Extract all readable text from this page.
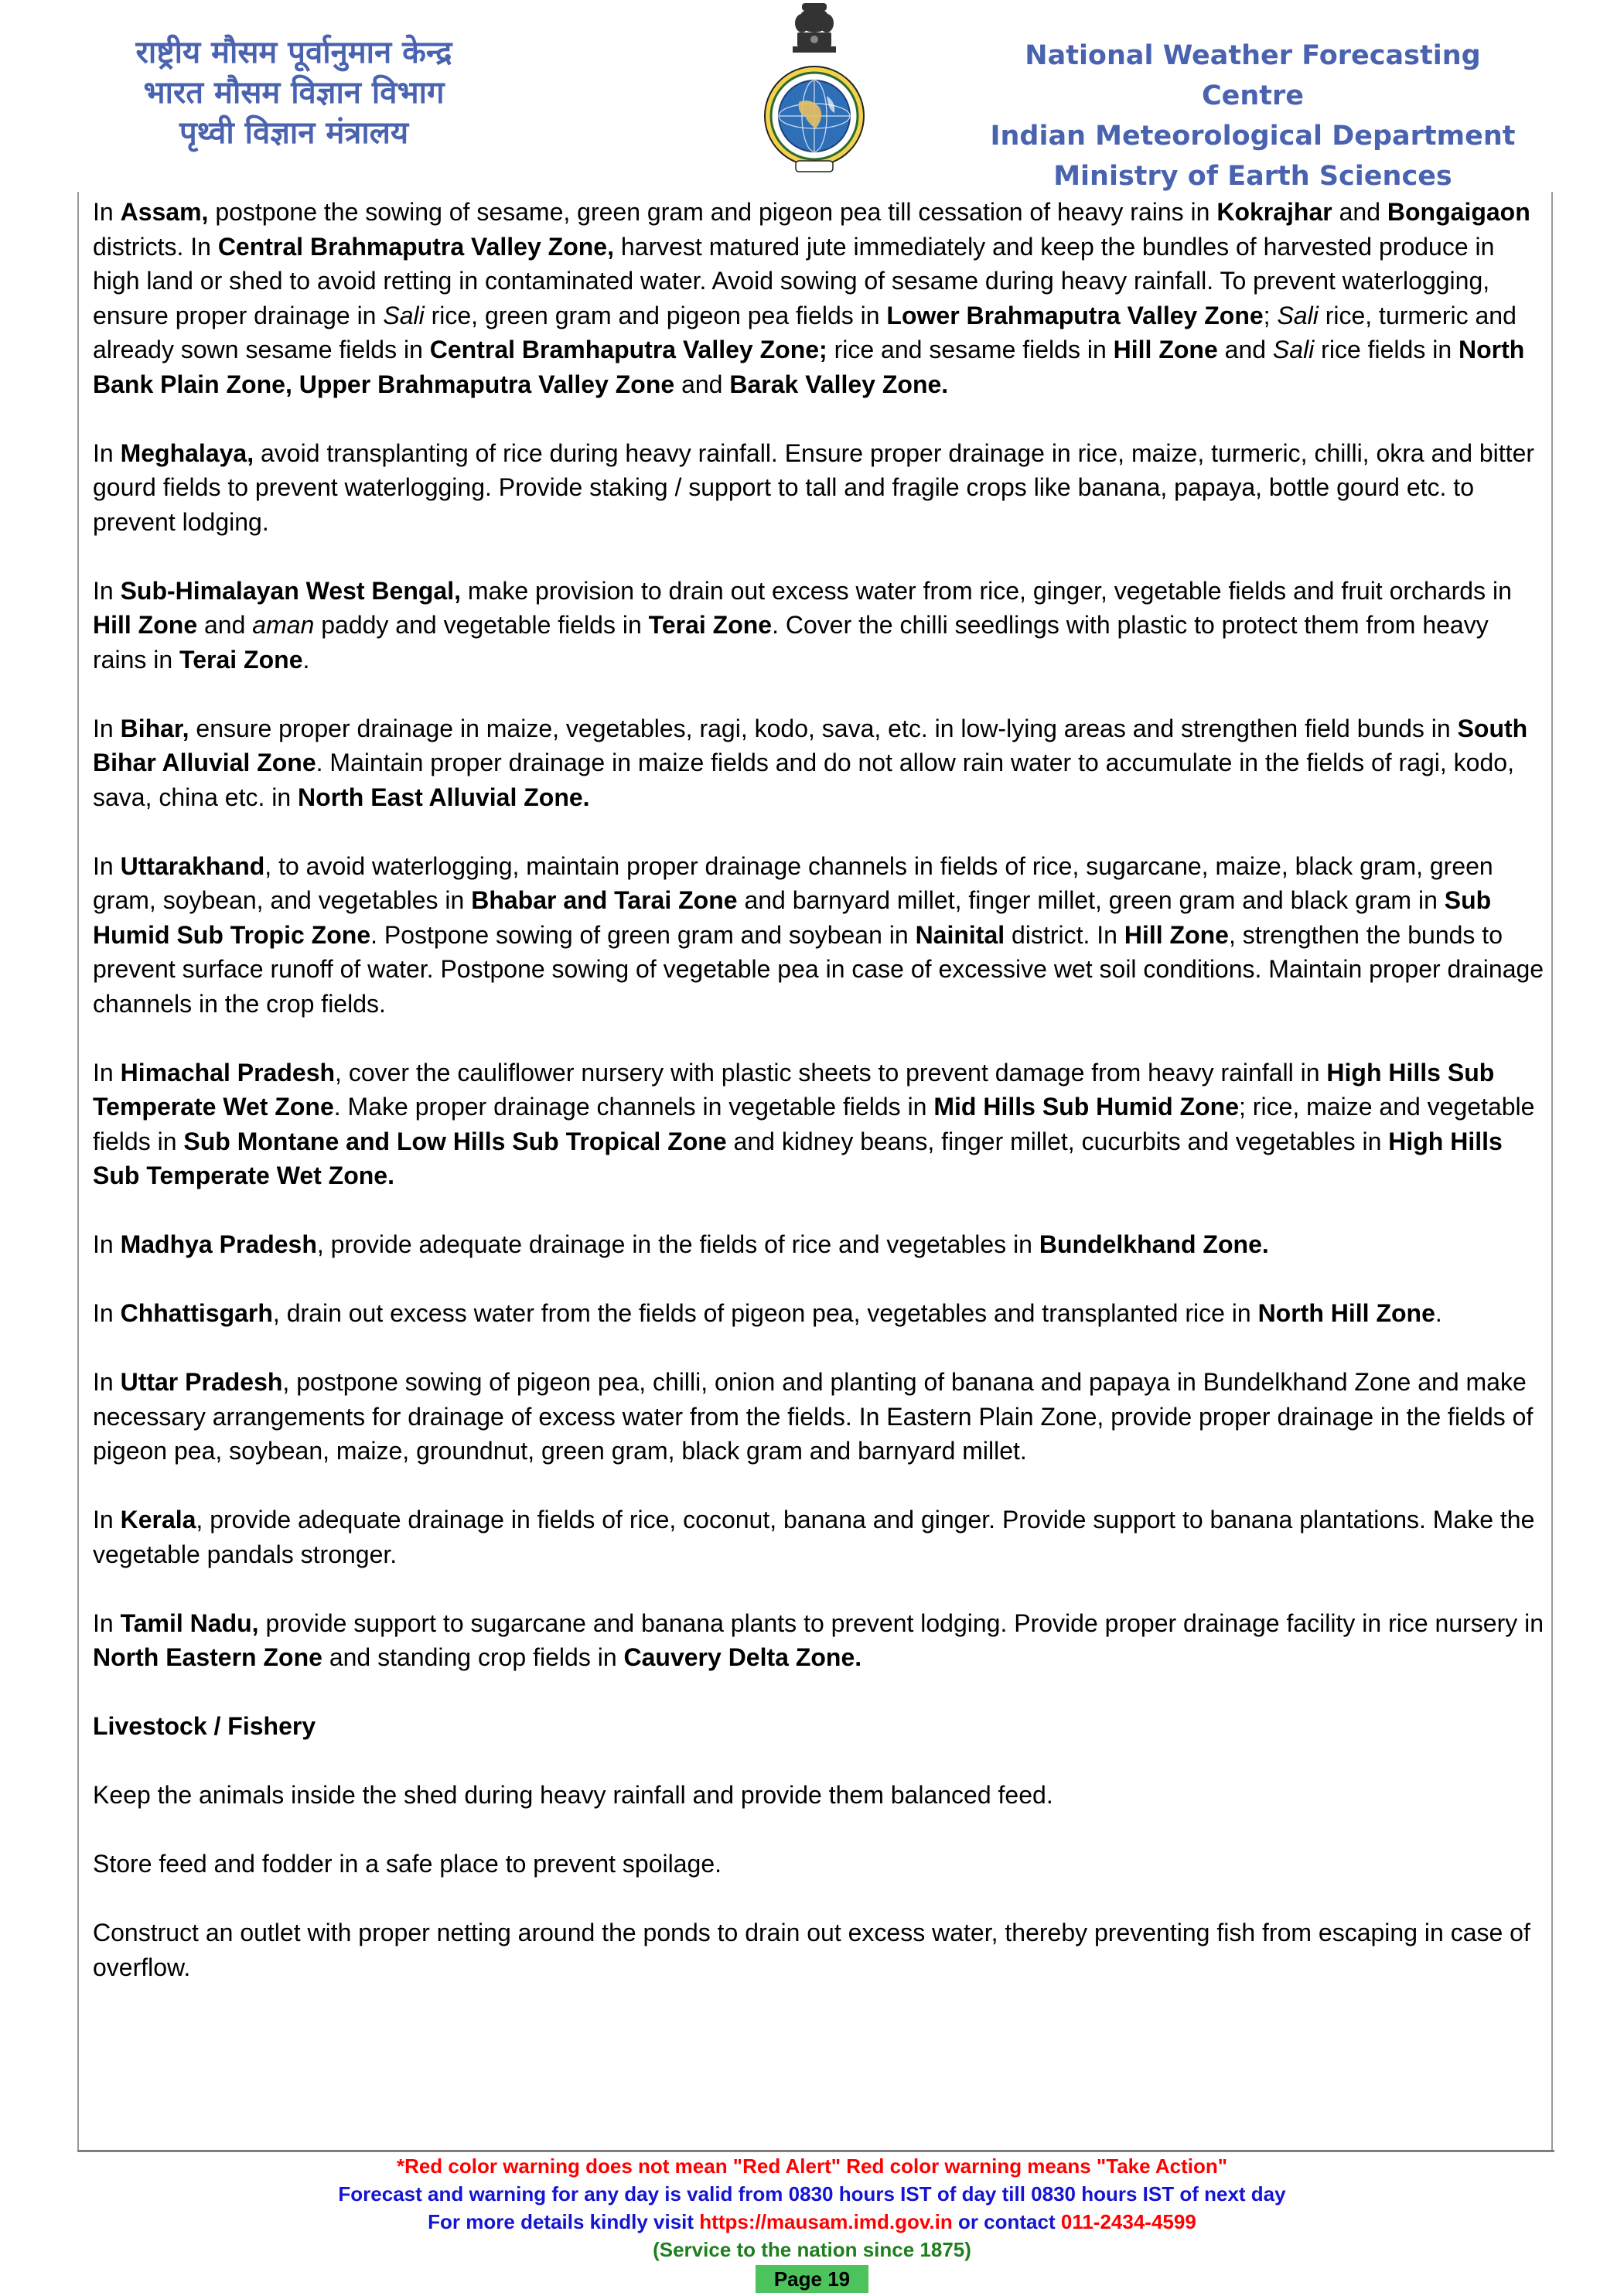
राष्ट्रीय मौसम पूर्वानुमान केन्द्र
भारत मौसम विज्ञान विभाग
पृथ्वी विज्ञान मंत्रालय
National Weather Forecasting Centre
Indian Meteorological Department
Ministry of Earth Sciences

In Assam, postpone the sowing of sesame, green gram and pigeon pea till cessation of heavy rains in Kokrajhar and Bongaigaon districts. In Central Brahmaputra Valley Zone, harvest matured jute immediately and keep the bundles of harvested produce in high land or shed to avoid retting in contaminated water. Avoid sowing of sesame during heavy rainfall. To prevent waterlogging, ensure proper drainage in Sali rice, green gram and pigeon pea fields in Lower Brahmaputra Valley Zone; Sali rice, turmeric and already sown sesame fields in Central Bramhaputra Valley Zone; rice and sesame fields in Hill Zone and Sali rice fields in North Bank Plain Zone, Upper Brahmaputra Valley Zone and Barak Valley Zone.

In Meghalaya, avoid transplanting of rice during heavy rainfall. Ensure proper drainage in rice, maize, turmeric, chilli, okra and bitter gourd fields to prevent waterlogging. Provide staking / support to tall and fragile crops like banana, papaya, bottle gourd etc. to prevent lodging.

In Sub-Himalayan West Bengal, make provision to drain out excess water from rice, ginger, vegetable fields and fruit orchards in Hill Zone and aman paddy and vegetable fields in Terai Zone. Cover the chilli seedlings with plastic to protect them from heavy rains in Terai Zone.

In Bihar, ensure proper drainage in maize, vegetables, ragi, kodo, sava, etc. in low-lying areas and strengthen field bunds in South Bihar Alluvial Zone. Maintain proper drainage in maize fields and do not allow rain water to accumulate in the fields of ragi, kodo, sava, china etc. in North East Alluvial Zone.

In Uttarakhand, to avoid waterlogging, maintain proper drainage channels in fields of rice, sugarcane, maize, black gram, green gram, soybean, and vegetables in Bhabar and Tarai Zone and barnyard millet, finger millet, green gram and black gram in Sub Humid Sub Tropic Zone. Postpone sowing of green gram and soybean in Nainital district. In Hill Zone, strengthen the bunds to prevent surface runoff of water. Postpone sowing of vegetable pea in case of excessive wet soil conditions. Maintain proper drainage channels in the crop fields.

In Himachal Pradesh, cover the cauliflower nursery with plastic sheets to prevent damage from heavy rainfall in High Hills Sub Temperate Wet Zone. Make proper drainage channels in vegetable fields in Mid Hills Sub Humid Zone; rice, maize and vegetable fields in Sub Montane and Low Hills Sub Tropical Zone and kidney beans, finger millet, cucurbits and vegetables in High Hills Sub Temperate Wet Zone.

In Madhya Pradesh, provide adequate drainage in the fields of rice and vegetables in Bundelkhand Zone.

In Chhattisgarh, drain out excess water from the fields of pigeon pea, vegetables and transplanted rice in North Hill Zone.

In Uttar Pradesh, postpone sowing of pigeon pea, chilli, onion and planting of banana and papaya in Bundelkhand Zone and make necessary arrangements for drainage of excess water from the fields. In Eastern Plain Zone, provide proper drainage in the fields of pigeon pea, soybean, maize, groundnut, green gram, black gram and barnyard millet.

In Kerala, provide adequate drainage in fields of rice, coconut, banana and ginger. Provide support to banana plantations. Make the vegetable pandals stronger.

In Tamil Nadu, provide support to sugarcane and banana plants to prevent lodging. Provide proper drainage facility in rice nursery in North Eastern Zone and standing crop fields in Cauvery Delta Zone.

Livestock / Fishery

Keep the animals inside the shed during heavy rainfall and provide them balanced feed.

Store feed and fodder in a safe place to prevent spoilage.

Construct an outlet with proper netting around the ponds to drain out excess water, thereby preventing fish from escaping in case of overflow.

*Red color warning does not mean "Red Alert" Red color warning means "Take Action"
Forecast and warning for any day is valid from 0830 hours IST of day till 0830 hours IST of next day
For more details kindly visit https://mausam.imd.gov.in or contact 011-2434-4599
(Service to the nation since 1875)
Page 19
